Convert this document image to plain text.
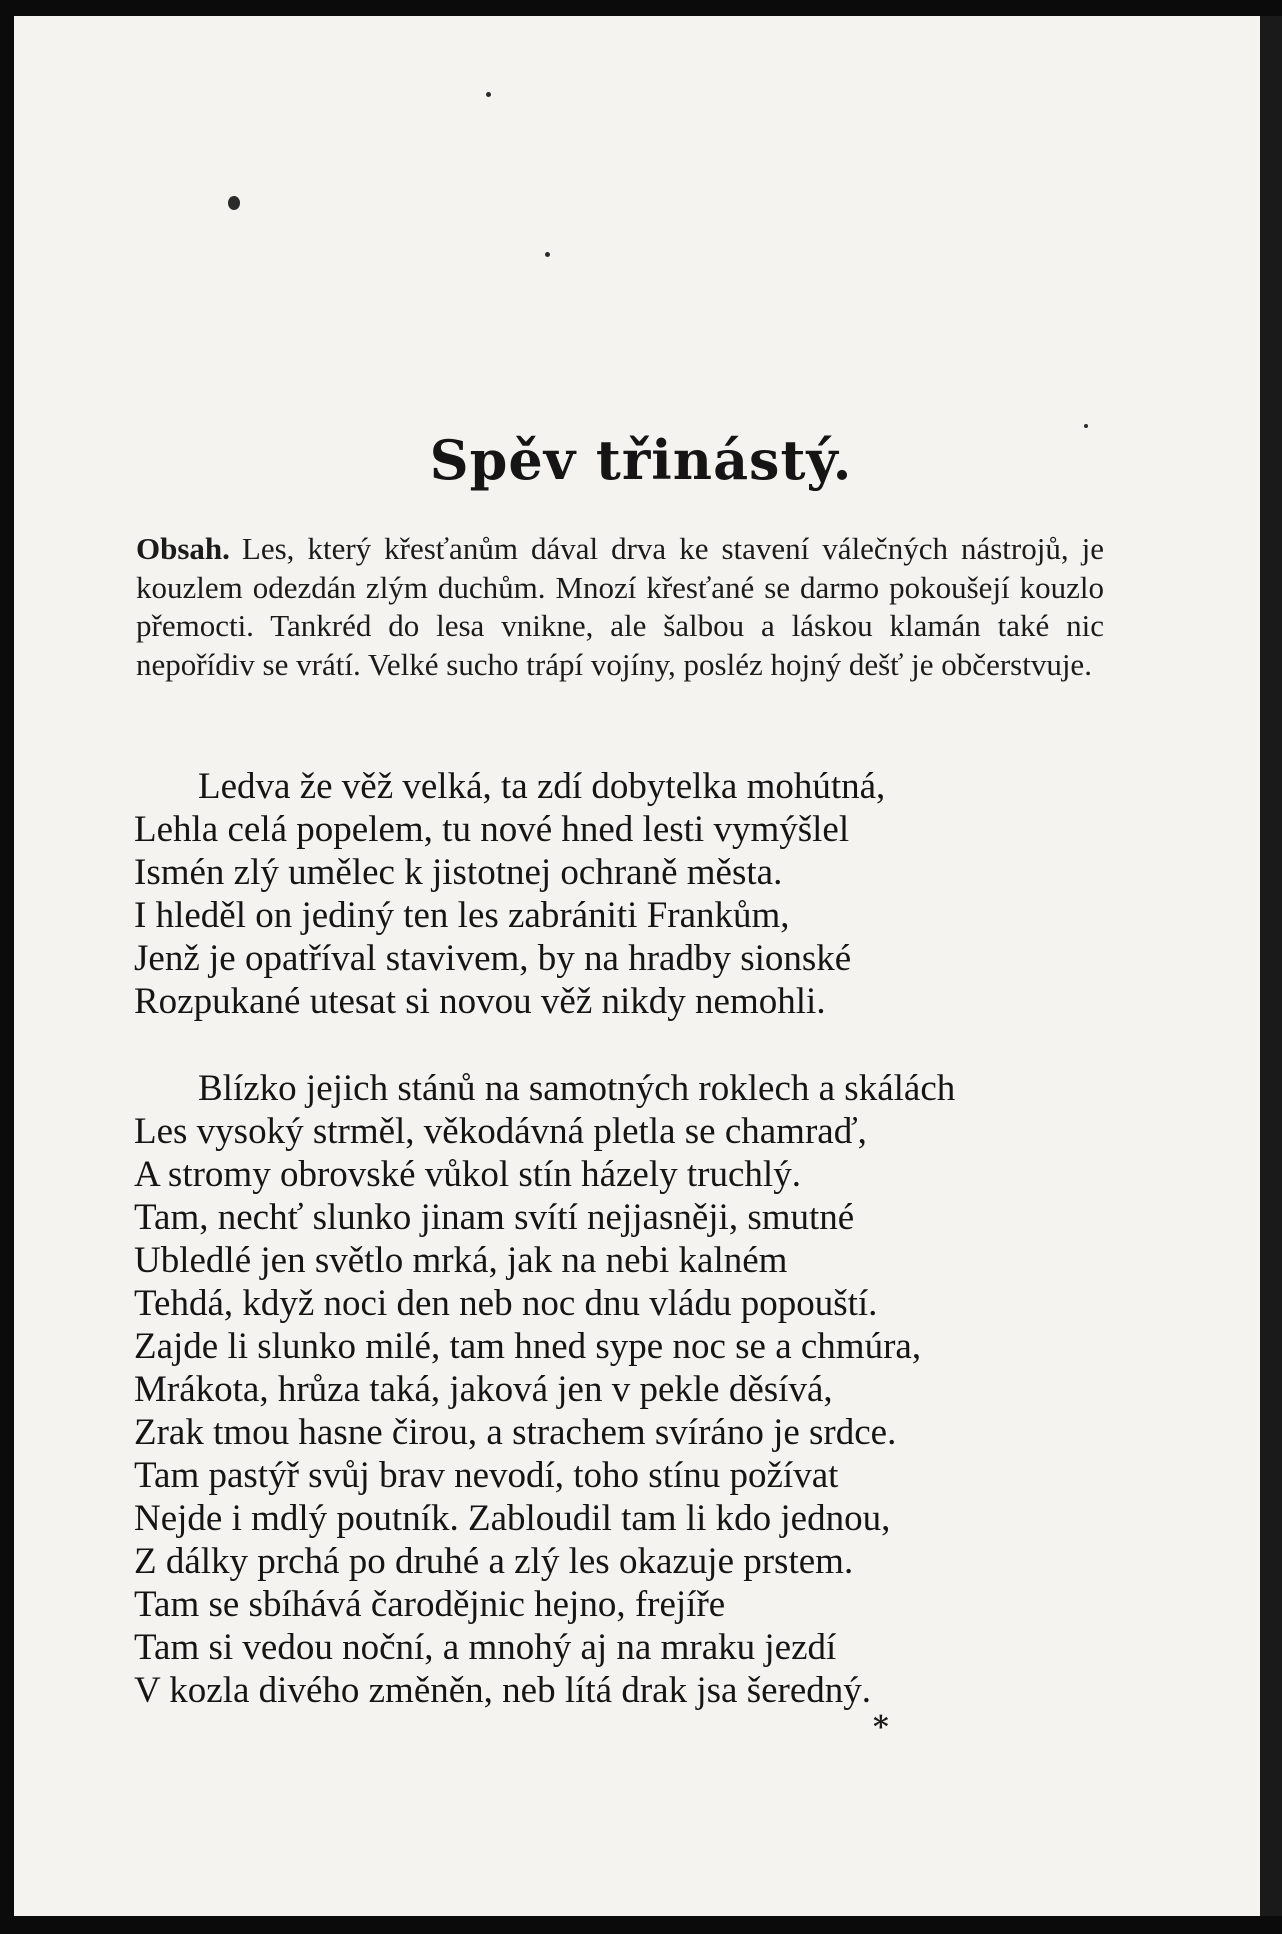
Spěv třinástý.
Obsah. Les, který křesťanům dával drva ke stavení válečných nástrojů, je kouzlem odezdán zlým duchům. Mnozí křesťané se darmo pokoušejí kouzlo přemocti. Tankréd do lesa vnikne, ale šalbou a láskou klamán také nic nepořídiv se vrátí. Velké sucho trápí vojíny, posléz hojný dešť je občerstvuje.
Ledva že věž velká, ta zdí dobytelka mohútná,
Lehla celá popelem, tu nové hned lesti vymýšlel
Ismén zlý umělec k jistotnej ochraně města.
I hleděl on jediný ten les zabrániti Frankům,
Jenž je opatříval stavivem, by na hradby sionské
Rozpukané utesat si novou věž nikdy nemohli.
Blízko jejich stánů na samotných roklech a skálách
Les vysoký strměl, věkodávná pletla se chamraď,
A stromy obrovské vůkol stín házely truchlý.
Tam, nechť slunko jinam svítí nejjasněji, smutné
Ubledlé jen světlo mrká, jak na nebi kalném
Tehdá, když noci den neb noc dnu vládu popouští.
Zajde li slunko milé, tam hned sype noc se a chmúra,
Mrákota, hrůza taká, jaková jen v pekle děsívá,
Zrak tmou hasne čirou, a strachem svíráno je srdce.
Tam pastýř svůj brav nevodí, toho stínu požívat
Nejde i mdlý poutník. Zabloudil tam li kdo jednou,
Z dálky prchá po druhé a zlý les okazuje prstem.
Tam se sbíhává čarodějnic hejno, frejíře
Tam si vedou noční, a mnohý aj na mraku jezdí
V kozla divého změněn, neb lítá drak jsa šeredný.
*
